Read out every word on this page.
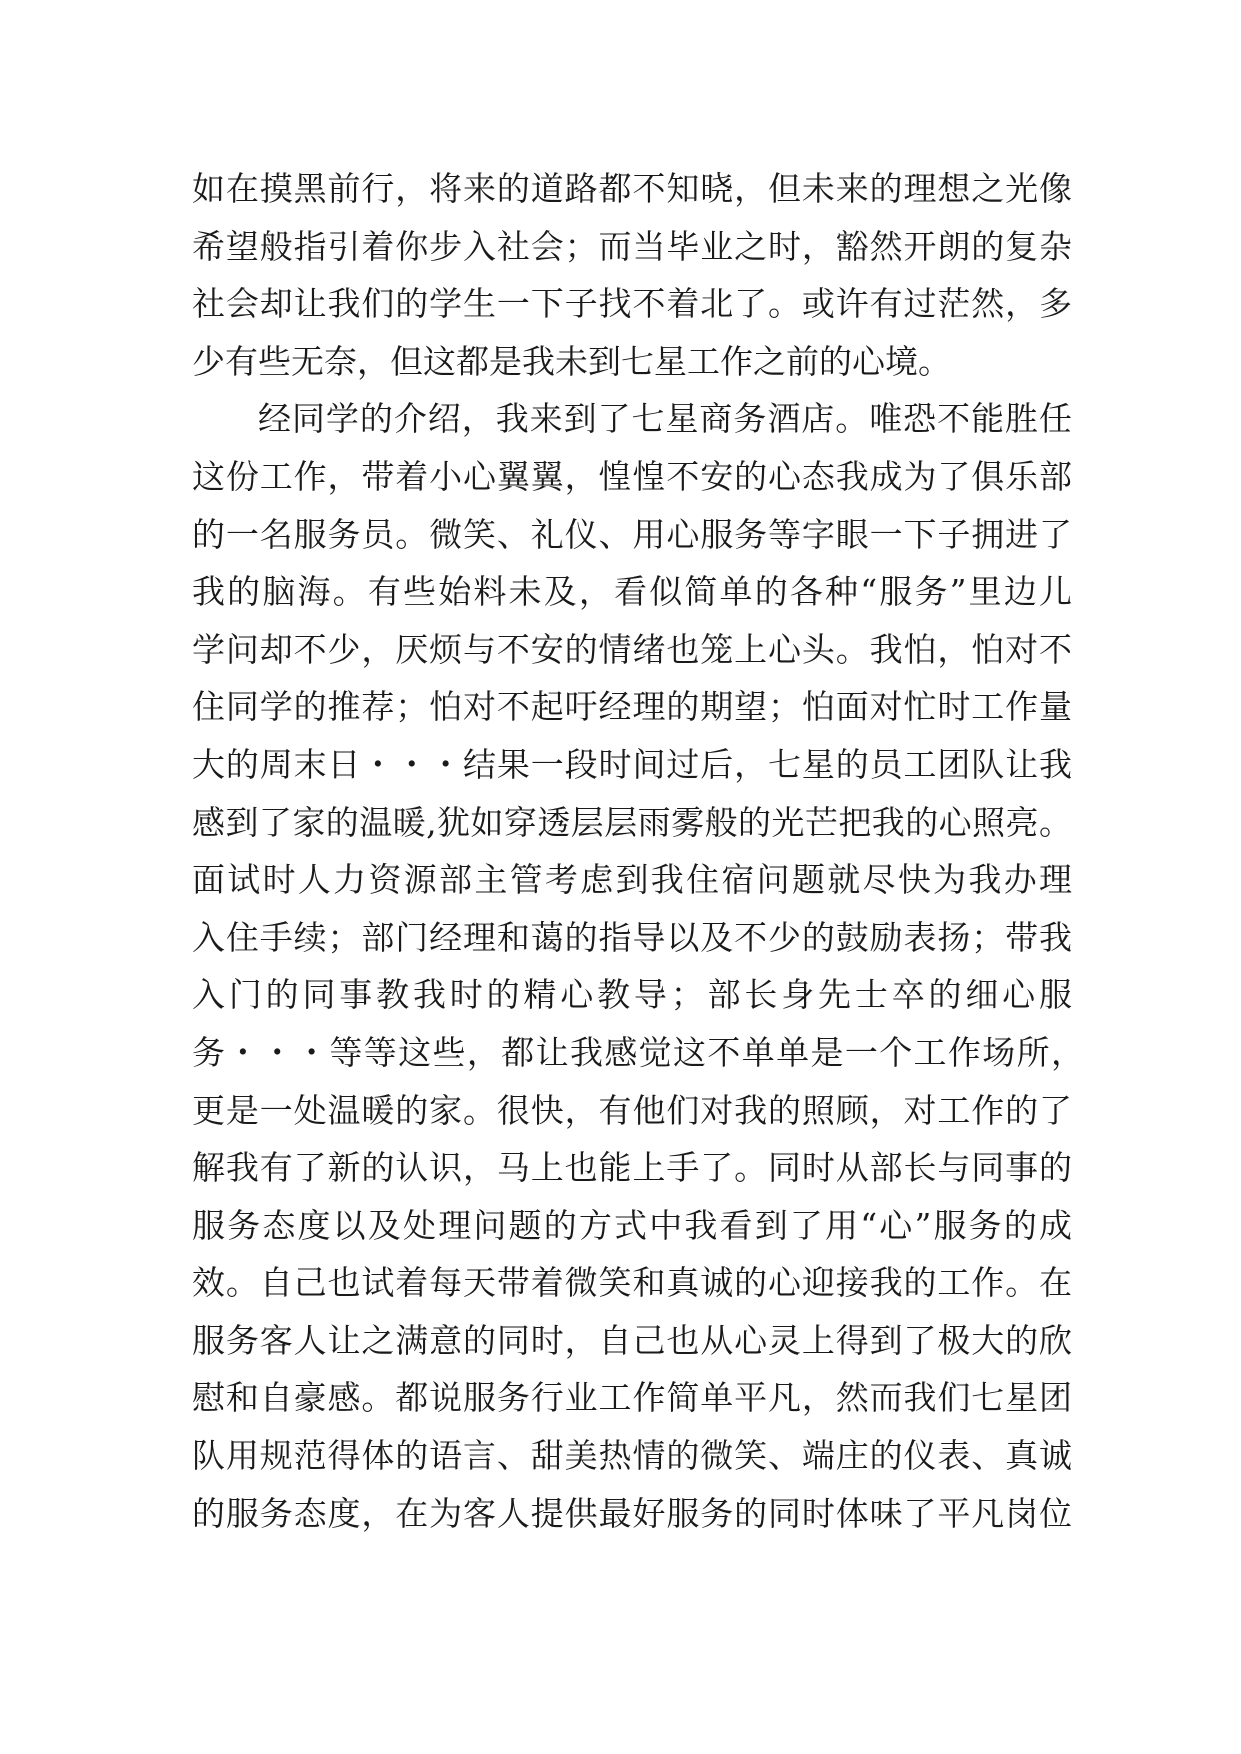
如在摸黑前行，将来的道路都不知晓，但未来的理想之光像
希望般指引着你步入社会；而当毕业之时，豁然开朗的复杂
社会却让我们的学生一下子找不着北了。或许有过茫然，多
少有些无奈，但这都是我未到七星工作之前的心境。
经同学的介绍，我来到了七星商务酒店。唯恐不能胜任
这份工作，带着小心翼翼，惶惶不安的心态我成为了俱乐部
的一名服务员。微笑、礼仪、用心服务等字眼一下子拥进了
我的脑海。有些始料未及，看似简单的各种“服务”里边儿
学问却不少，厌烦与不安的情绪也笼上心头。我怕，怕对不
住同学的推荐；怕对不起吁经理的期望；怕面对忙时工作量
大的周末日・・・结果一段时间过后，七星的员工团队让我
感到了家的温暖,犹如穿透层层雨雾般的光芒把我的心照亮。
面试时人力资源部主管考虑到我住宿问题就尽快为我办理
入住手续；部门经理和蔼的指导以及不少的鼓励表扬；带我
入门的同事教我时的精心教导；部长身先士卒的细心服
务・・・等等这些，都让我感觉这不单单是一个工作场所，
更是一处温暖的家。很快，有他们对我的照顾，对工作的了
解我有了新的认识，马上也能上手了。同时从部长与同事的
服务态度以及处理问题的方式中我看到了用“心”服务的成
效。自己也试着每天带着微笑和真诚的心迎接我的工作。在
服务客人让之满意的同时，自己也从心灵上得到了极大的欣
慰和自豪感。都说服务行业工作简单平凡，然而我们七星团
队用规范得体的语言、甜美热情的微笑、端庄的仪表、真诚
的服务态度，在为客人提供最好服务的同时体味了平凡岗位
